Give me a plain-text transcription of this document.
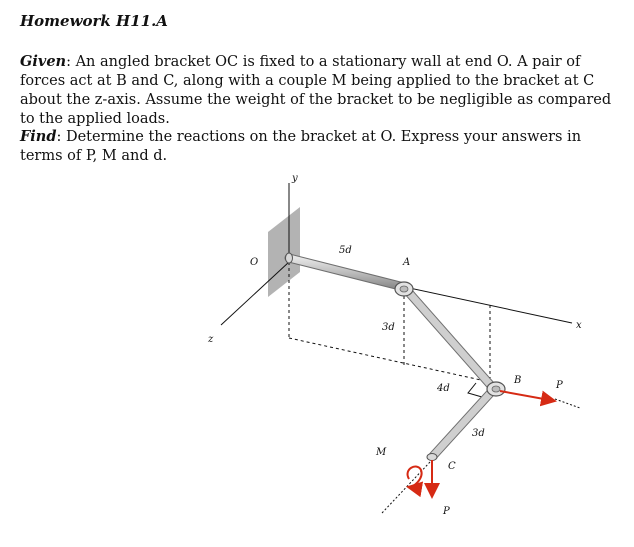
Homework H11.A
Given: An angled bracket OC is fixed to a stationary wall at end O. A pair of forces act at B and C, along with a couple M being applied to the bracket at C about the z-axis. Assume the weight of the bracket to be negligible as compared to the applied loads.
Find: Determine the reactions on the bracket at O. Express your answers in terms of P, M and d.
y
x
z
O	A
B
C
5d
3d
4d
3d
M
P
P
